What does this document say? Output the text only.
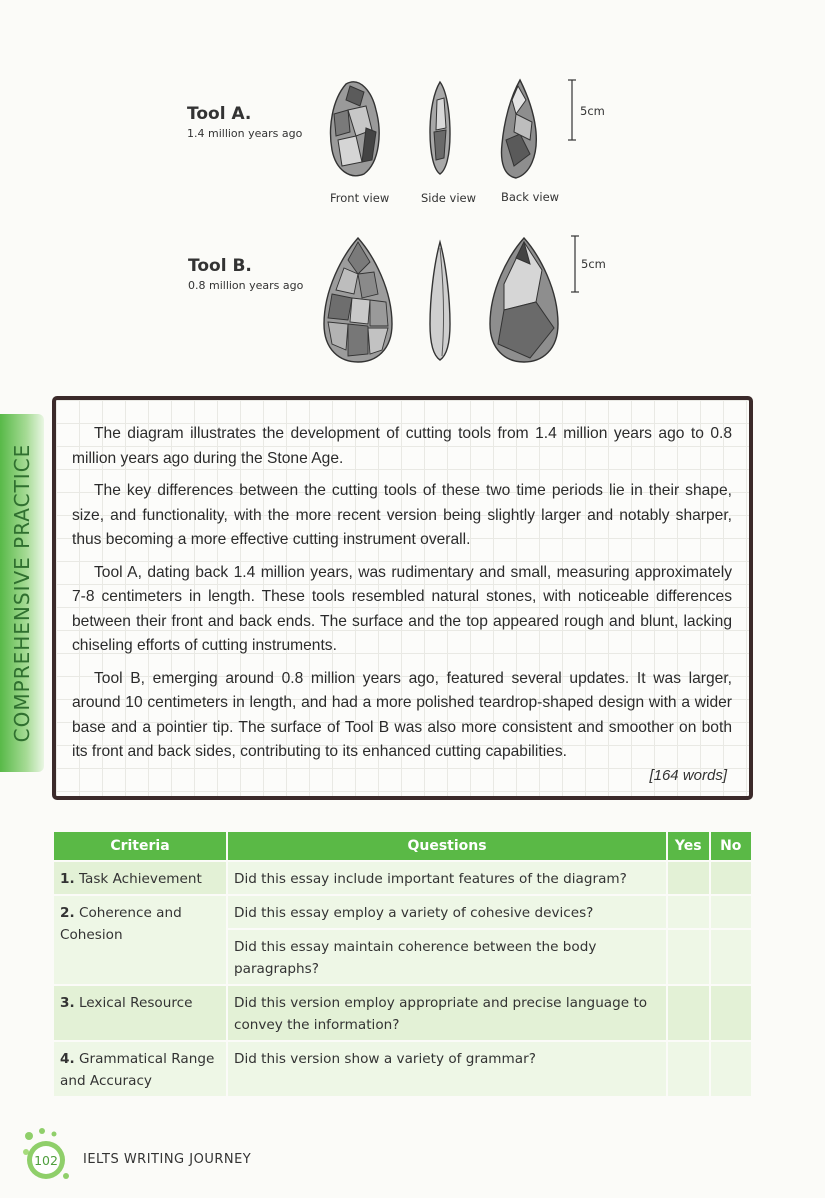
COMPREHENSIVE PRACTICE
Tool A.
1.4 million years ago
5cm
Front view	Side view Back view
Tool B.
0.8 million years ago
5cm

The diagram illustrates the development of cutting tools from 1.4 million years ago to 0.8 million years ago during the Stone Age.

The key differences between the cutting tools of these two time periods lie in their shape, size, and functionality, with the more recent version being slightly larger and notably sharper, thus becoming a more effective cutting instrument overall.

Tool A, dating back 1.4 million years, was rudimentary and small, measuring approximately 7-8 centimeters in length. These tools resembled natural stones, with noticeable differences between their front and back ends. The surface and the top appeared rough and blunt, lacking chiseling efforts of cutting instruments.

Tool B, emerging around 0.8 million years ago, featured several updates. It was larger, around 10 centimeters in length, and had a more polished teardrop-shaped design with a wider base and a pointier tip. The surface of Tool B was also more consistent and smoother on both its front and back sides, contributing to its enhanced cutting capabilities.

[164 words]
Criteria	Questions	Yes	No
1. Task Achievement	Did this essay include important features of the diagram?		
2. Coherence and Cohesion	Did this essay employ a variety of cohesive devices?		
	Did this essay maintain coherence between the body paragraphs?		
3. Lexical Resource	Did this version employ appropriate and precise language to convey the information?		
4. Grammatical Range and Accuracy	Did this version show a variety of grammar?		
102 IELTS WRITING JOURNEY
